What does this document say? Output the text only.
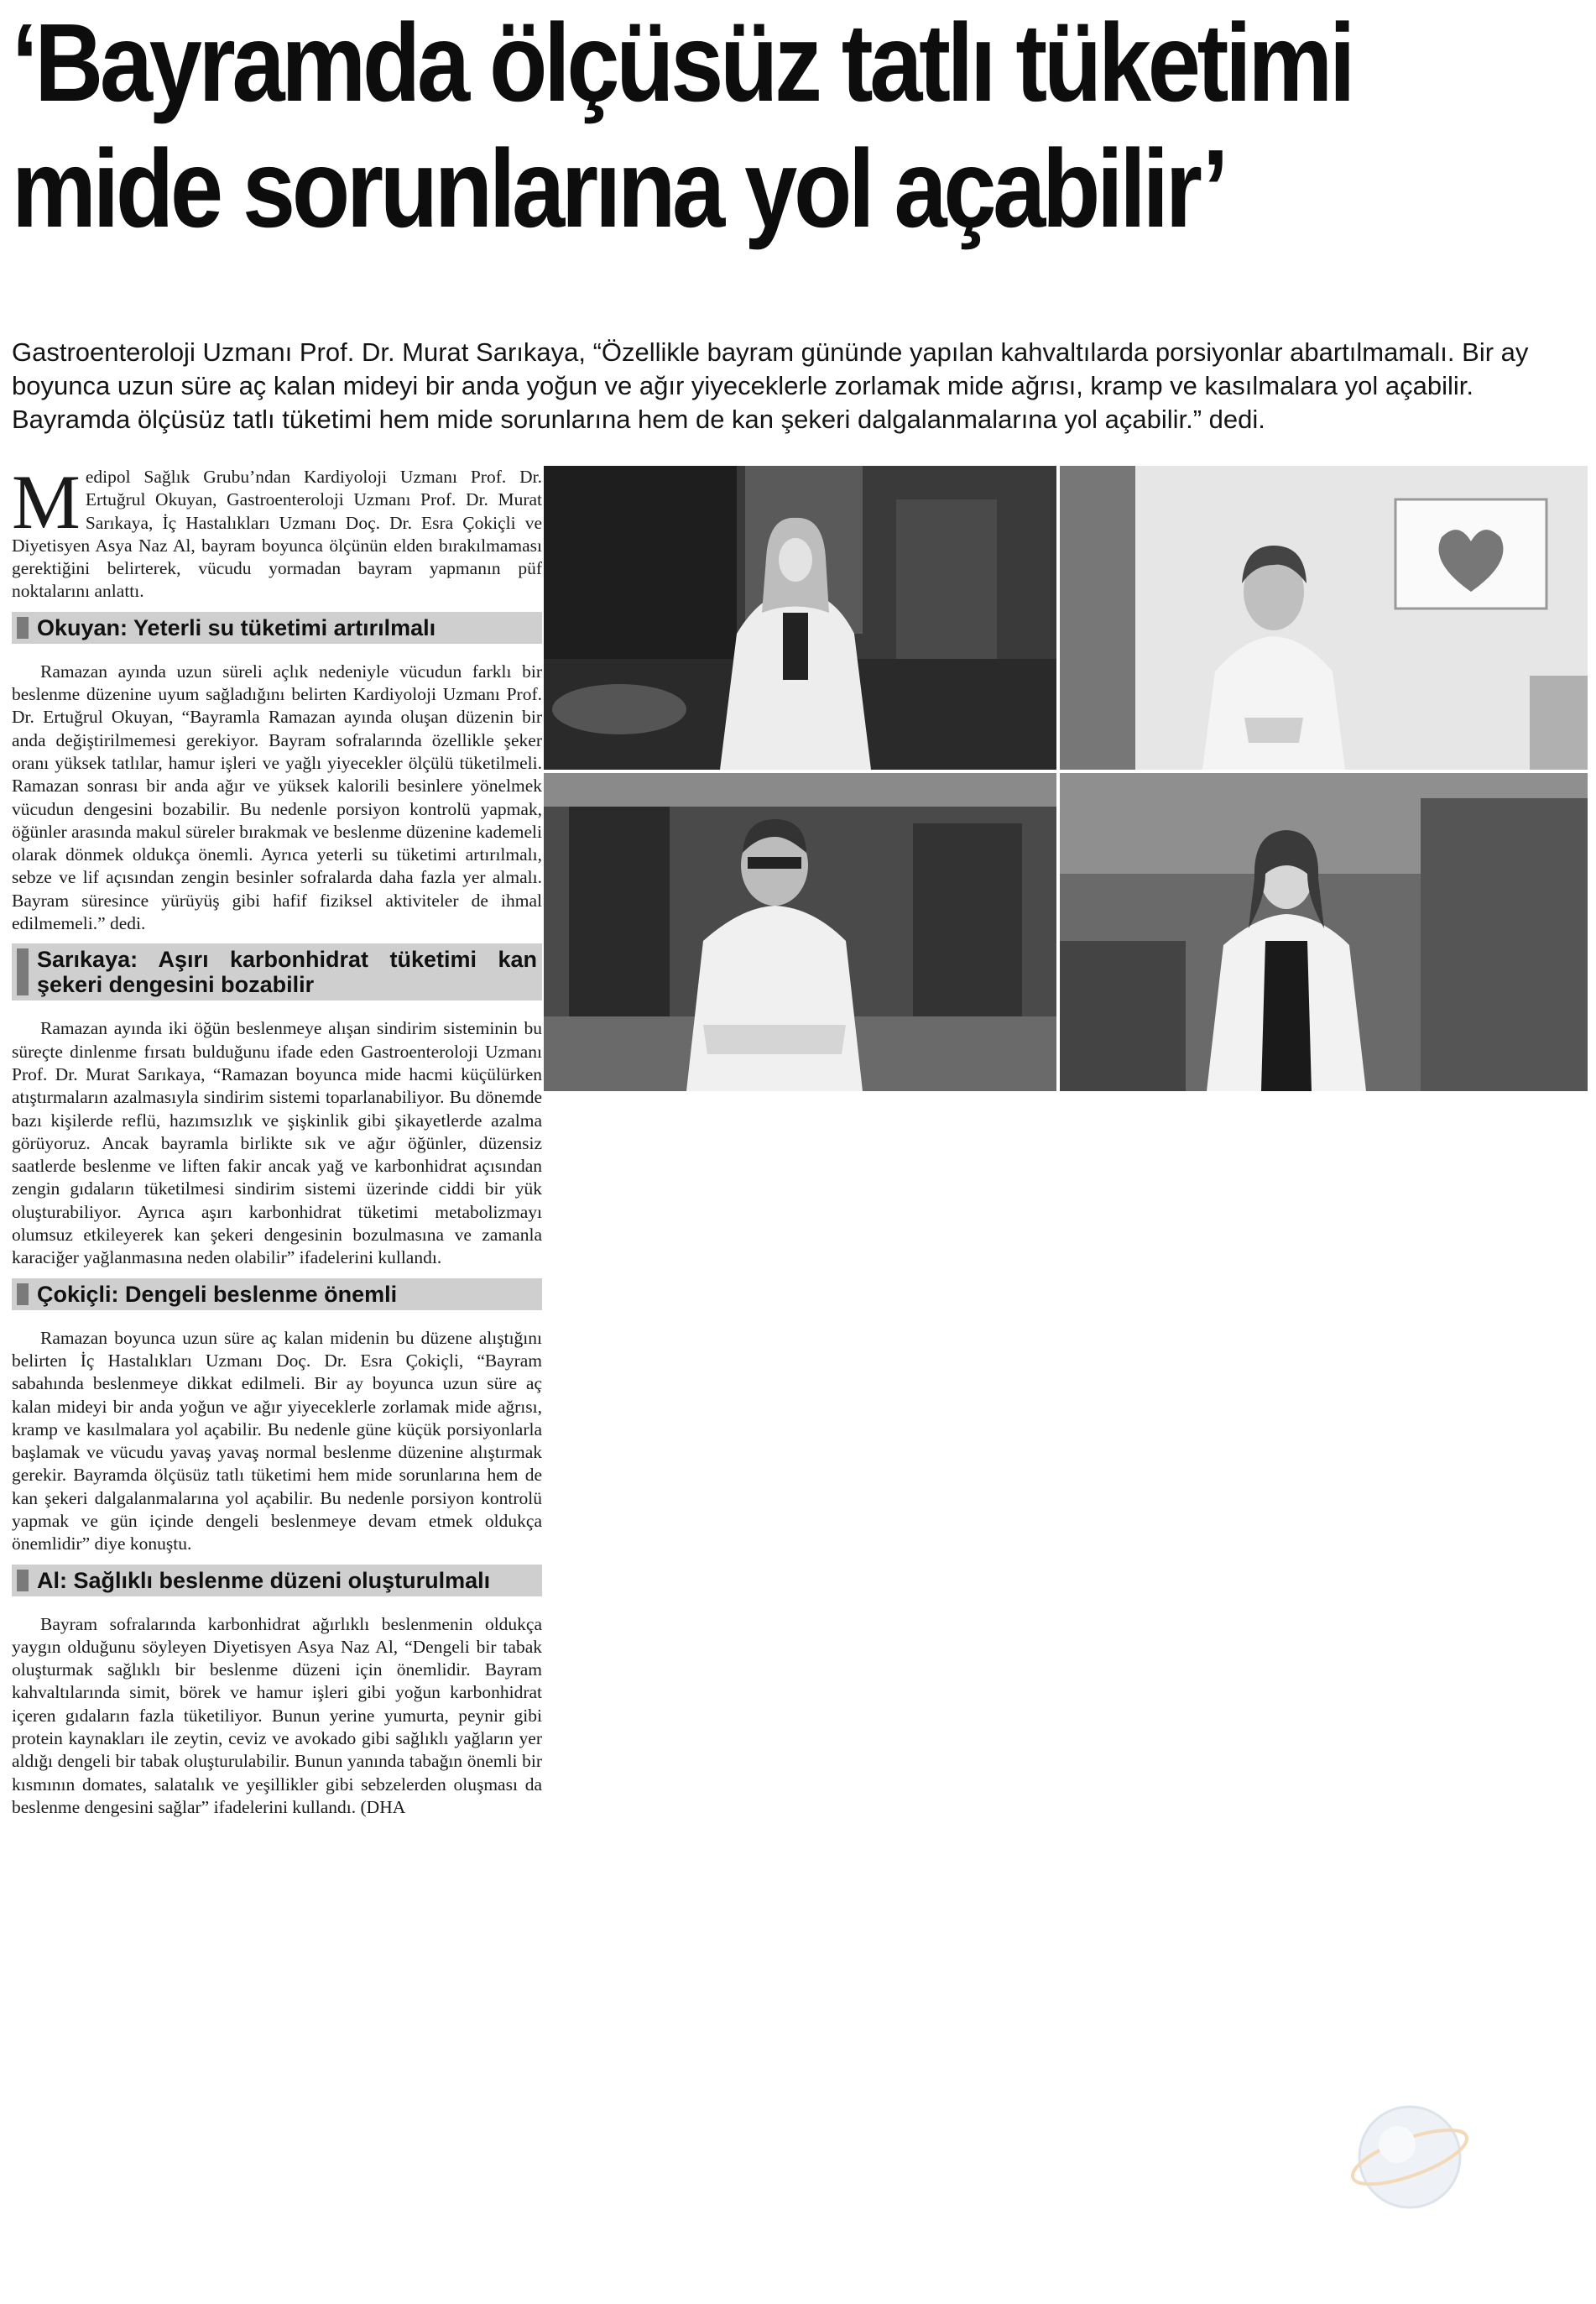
‘Bayramda ölçüsüz tatlı tüketimi
mide sorunlarına yol açabilir’

Gastroenteroloji Uzmanı Prof. Dr. Murat Sarıkaya, “Özellikle bayram gününde yapılan kahvaltılarda porsiyonlar abartılmamalı. Bir ay boyunca uzun süre aç kalan mideyi bir anda yoğun ve ağır yiyeceklerle zorlamak mide ağrısı, kramp ve kasılmalara yol açabilir. Bayramda ölçüsüz tatlı tüketimi hem mide sorunlarına hem de kan şekeri dalgalanmalarına yol açabilir.” dedi.

Medipol Sağlık Grubu’ndan Kardiyoloji Uzmanı Prof. Dr. Ertuğrul Okuyan, Gastroenteroloji Uzmanı Prof. Dr. Murat Sarıkaya, İç Hastalıkları Uzmanı Doç. Dr. Esra Çokiçli ve Diyetisyen Asya Naz Al, bayram boyunca ölçünün elden bırakılmaması gerektiğini belirterek, vücudu yormadan bayram yapmanın püf noktalarını anlattı.

Okuyan: Yeterli su tüketimi artırılmalı

Ramazan ayında uzun süreli açlık nedeniyle vücudun farklı bir beslenme düzenine uyum sağladığını belirten Kardiyoloji Uzmanı Prof. Dr. Ertuğrul Okuyan, “Bayramla Ramazan ayında oluşan düzenin bir anda değiştirilmemesi gerekiyor. Bayram sofralarında özellikle şeker oranı yüksek tatlılar, hamur işleri ve yağlı yiyecekler ölçülü tüketilmeli. Ramazan sonrası bir anda ağır ve yüksek kalorili besinlere yönelmek vücudun dengesini bozabilir. Bu nedenle porsiyon kontrolü yapmak, öğünler arasında makul süreler bırakmak ve beslenme düzenine kademeli olarak dönmek oldukça önemli. Ayrıca yeterli su tüketimi artırılmalı, sebze ve lif açısından zengin besinler sofralarda daha fazla yer almalı. Bayram süresince yürüyüş gibi hafif fiziksel aktiviteler de ihmal edilmemeli.” dedi.

Sarıkaya: Aşırı karbonhidrat tüketimi kan şekeri dengesini bozabilir

Ramazan ayında iki öğün beslenmeye alışan sindirim sisteminin bu süreçte dinlenme fırsatı bulduğunu ifade eden Gastroenteroloji Uzmanı Prof. Dr. Murat Sarıkaya, “Ramazan boyunca mide hacmi küçülürken atıştırmaların azalmasıyla sindirim sistemi toparlanabiliyor. Bu dönemde bazı kişilerde reflü, hazımsızlık ve şişkinlik gibi şikayetlerde azalma görüyoruz. Ancak bayramla birlikte sık ve ağır öğünler, düzensiz saatlerde beslenme ve liften fakir ancak yağ ve karbonhidrat açısından zengin gıdaların tüketilmesi sindirim sistemi üzerinde ciddi bir yük oluşturabiliyor. Ayrıca aşırı karbonhidrat tüketimi metabolizmayı olumsuz etkileyerek kan şekeri dengesinin bozulmasına ve zamanla karaciğer yağlanmasına neden olabilir” ifadelerini kullandı.

Çokiçli: Dengeli beslenme önemli

Ramazan boyunca uzun süre aç kalan midenin bu düzene alıştığını belirten İç Hastalıkları Uzmanı Doç. Dr. Esra Çokiçli, “Bayram sabahında beslenmeye dikkat edilmeli. Bir ay boyunca uzun süre aç kalan mideyi bir anda yoğun ve ağır yiyeceklerle zorlamak mide ağrısı, kramp ve kasılmalara yol açabilir. Bu nedenle güne küçük porsiyonlarla başlamak ve vücudu yavaş yavaş normal beslenme düzenine alıştırmak gerekir. Bayramda ölçüsüz tatlı tüketimi hem mide sorunlarına hem de kan şekeri dalgalanmalarına yol açabilir. Bu nedenle porsiyon kontrolü yapmak ve gün içinde dengeli beslenmeye devam etmek oldukça önemlidir” diye konuştu.

Al: Sağlıklı beslenme düzeni oluşturulmalı

Bayram sofralarında karbonhidrat ağırlıklı beslenmenin oldukça yaygın olduğunu söyleyen Diyetisyen Asya Naz Al, “Dengeli bir tabak oluşturmak sağlıklı bir beslenme düzeni için önemlidir. Bayram kahvaltılarında simit, börek ve hamur işleri gibi yoğun karbonhidrat içeren gıdaların fazla tüketiliyor. Bunun yerine yumurta, peynir gibi protein kaynakları ile zeytin, ceviz ve avokado gibi sağlıklı yağların yer aldığı dengeli bir tabak oluşturulabilir. Bunun yanında tabağın önemli bir kısmının domates, salatalık ve yeşillikler gibi sebzelerden oluşması da beslenme dengesini sağlar” ifadelerini kullandı. (DHA
